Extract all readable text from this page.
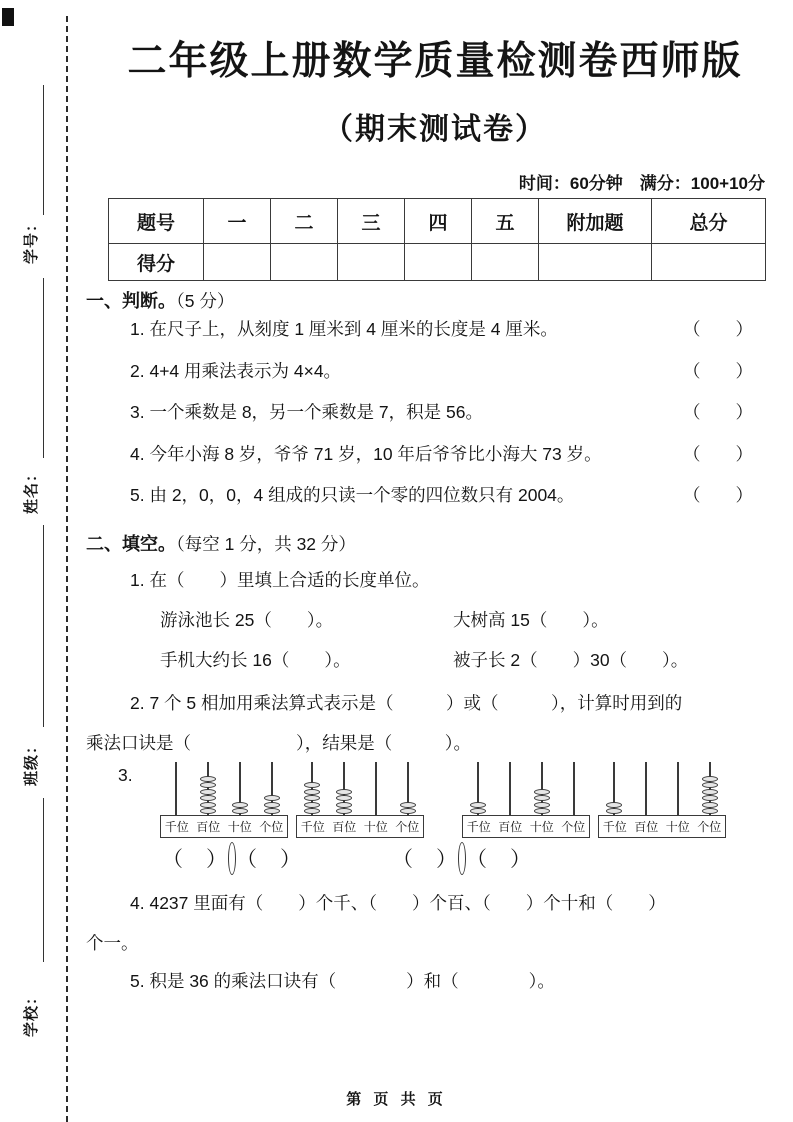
学号：
姓名：
班级：
学校：
二年级上册数学质量检测卷西师版
（期末测试卷）
时间：60分钟　满分：100+10分
题号	一	二	三	四	五	附加题	总分
得分							
一、判断。（5 分）
1. 在尺子上，从刻度 1 厘米到 4 厘米的长度是 4 厘米。	（　　）
2. 4+4 用乘法表示为 4×4。	（　　）
3. 一个乘数是 8，另一个乘数是 7，积是 56。	（　　）
4. 今年小海 8 岁，爷爷 71 岁，10 年后爷爷比小海大 73 岁。	（　　）
5. 由 2，0，0，4 组成的只读一个零的四位数只有 2004。	（　　）
二、填空。（每空 1 分，共 32 分）
1. 在（　　）里填上合适的长度单位。
游泳池长 25（　　）。	大树高 15（　　）。
手机大约长 16（　　）。	被子长 2（　　）30（　　）。
2. 7 个 5 相加用乘法算式表示是（　　　）或（　　　），计算时用到的
乘法口诀是（　　　　　　），结果是（　　　）。
3.
千位 百位 十位 个位 千位 百位 十位 个位	千位 百位 十位 个位 千位 百位 十位 个位
（　） （　）	（　） （　）
4. 4237 里面有（　　）个千、（　　）个百、（　　）个十和（　　）
个一。
5. 积是 36 的乘法口诀有（　　　　）和（　　　　）。
第 页 共 页
